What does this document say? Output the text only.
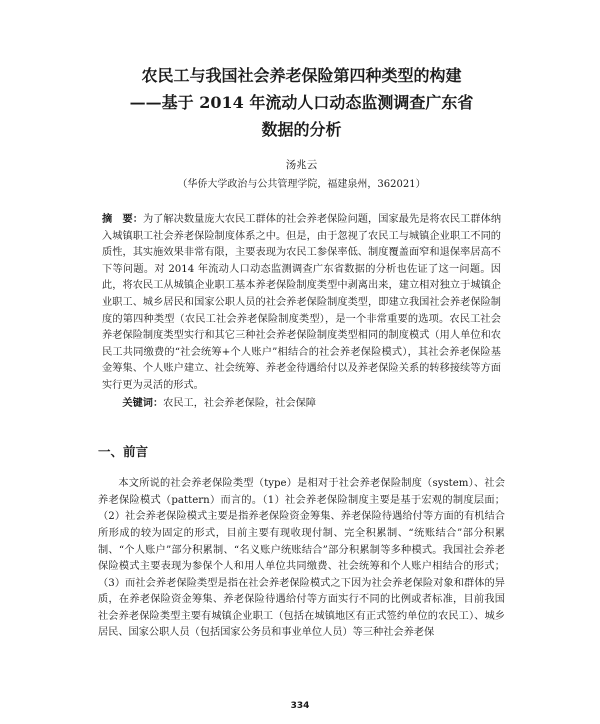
农民工与我国社会养老保险第四种类型的构建
——基于 2014 年流动人口动态监测调查广东省
数据的分析
汤兆云
（华侨大学政治与公共管理学院，福建泉州，362021）

摘　要：为了解决数量庞大农民工群体的社会养老保险问题，国家最先是将农民工群体纳入城镇职工社会养老保险制度体系之中。但是，由于忽视了农民工与城镇企业职工不同的质性，其实施效果非常有限，主要表现为农民工参保率低、制度覆盖面窄和退保率居高不下等问题。对 2014 年流动人口动态监测调查广东省数据的分析也佐证了这一问题。因此，将农民工从城镇企业职工基本养老保险制度类型中剥离出来，建立相对独立于城镇企业职工、城乡居民和国家公职人员的社会养老保险制度类型，即建立我国社会养老保险制度的第四种类型（农民工社会养老保险制度类型），是一个非常重要的选项。农民工社会养老保险制度类型实行和其它三种社会养老保险制度类型相同的制度模式（用人单位和农民工共同缴费的“社会统筹+个人账户”相结合的社会养老保险模式），其社会养老保险基金筹集、个人账户建立、社会统筹、养老金待遇给付以及养老保险关系的转移接续等方面实行更为灵活的形式。

关键词：农民工，社会养老保险，社会保障

一、前言

本文所说的社会养老保险类型（type）是相对于社会养老保险制度（system）、社会养老保险模式（pattern）而言的。（1）社会养老保险制度主要是基于宏观的制度层面；（2）社会养老保险模式主要是指养老保险资金筹集、养老保险待遇给付等方面的有机结合所形成的较为固定的形式，目前主要有现收现付制、完全积累制、“统账结合”部分积累制、“个人账户”部分积累制、“名义账户统账结合”部分积累制等多种模式。我国社会养老保险模式主要表现为参保个人和用人单位共同缴费、社会统筹和个人账户相结合的形式；（3）而社会养老保险类型是指在社会养老保险模式之下因为社会养老保险对象和群体的异质，在养老保险资金筹集、养老保险待遇给付等方面实行不同的比例或者标准，目前我国社会养老保险类型主要有城镇企业职工（包括在城镇地区有正式签约单位的农民工）、城乡居民、国家公职人员（包括国家公务员和事业单位人员）等三种社会养老保

334
